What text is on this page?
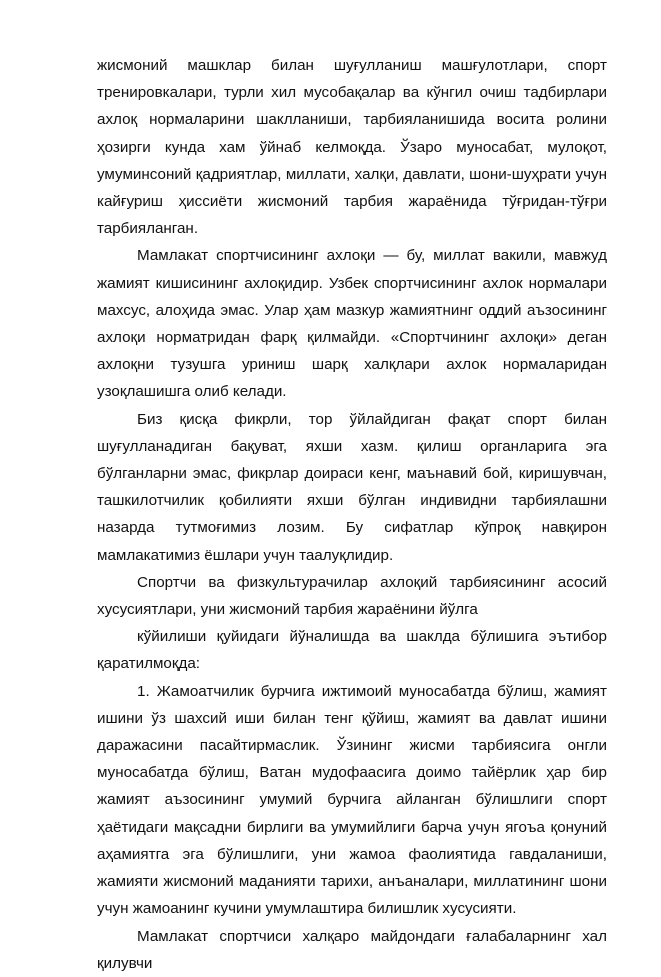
жисмоний машклар билан шуғулланиш машғулотлари, спорт тренировкалари, турли хил мусобақалар ва кўнгил очиш тадбирлари ахлоқ нормаларини шаклланиши, тарбияланишида восита ролини ҳозирги кунда хам ўйнаб келмоқда. Ўзаро муносабат, мулоқот, умуминсоний қадриятлар, миллати, халқи, давлати, шони-шуҳрати учун кайғуриш ҳиссиёти жисмоний тарбия жараёнида тўғридан-тўғри тарбияланган.

Мамлакат спортчисининг ахлоқи — бу, миллат вакили, мавжуд жамият кишисининг ахлоқидир. Узбек спортчисининг ахлок нормалари махсус, алоҳида эмас. Улар ҳам мазкур жамиятнинг оддий аъзосининг ахлоқи норматридан фарқ қилмайди. «Спортчининг ахлоқи» деган ахлоқни тузушга уриниш шарқ халқлари ахлок нормаларидан узоқлашишга олиб келади.

Биз қисқа фикрли, тор ўйлайдиган фақат спорт билан шуғулланадиган бақуват, яхши хазм. қилиш органларига эга бўлганларни эмас, фикрлар доираси кенг, маънавий бой, киришувчан, ташкилотчилик қобилияти яхши бўлган индивидни тарбиялашни назарда тутмоғимиз лозим. Бу сифатлар кўпроқ навқирон мамлакатимиз ёшлари учун таалуқлидир.

Спортчи ва физкультурачилар ахлоқий тарбиясининг асосий хусусиятлари, уни жисмоний тарбия жараёнини йўлга

кўйилиши қуйидаги йўналишда ва шаклда бўлишига эътибор қаратилмоқда:

1. Жамоатчилик бурчига ижтимоий муносабатда бўлиш, жамият ишини ўз шахсий иши билан тенг қўйиш, жамият ва давлат ишини даражасини пасайтирмаслик. Ўзининг жисми тарбиясига онгли муносабатда бўлиш, Ватан мудофаасига доимо тайёрлик ҳар бир жамият аъзосининг умумий бурчига айланган бўлишлиги спорт ҳаётидаги мақсадни бирлиги ва умумийлиги барча учун ягоъа қонуний аҳамиятга эга бўлишлиги, уни жамоа фаолиятида гавдаланиши, жамияти жисмоний маданияти тарихи, анъаналари, миллатининг шони учун жамоанинг кучини умумлаштира билишлик хусусияти.

Мамлакат спортчиси халқаро майдондаги ғалабаларнинг хал қилувчи
